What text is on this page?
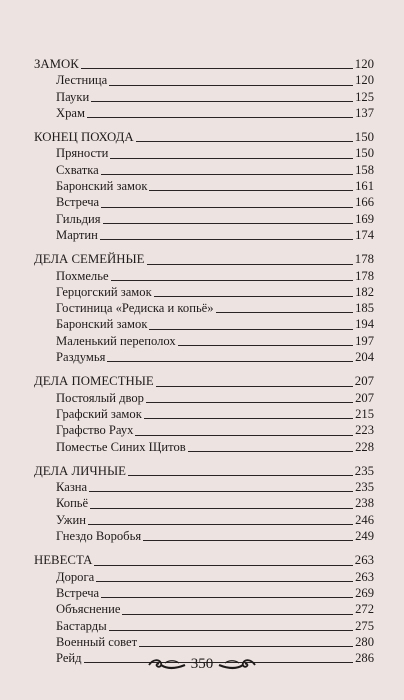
ЗАМОК	120
Лестница	120
Пауки	125
Храм	137
КОНЕЦ ПОХОДА	150
Пряности	150
Схватка	158
Баронский замок	161
Встреча	166
Гильдия	169
Мартин	174
ДЕЛА СЕМЕЙНЫЕ	178
Похмелье	178
Герцогский замок	182
Гостиница «Редиска и копьё»	185
Баронский замок	194
Маленький переполох	197
Раздумья	204
ДЕЛА ПОМЕСТНЫЕ	207
Постоялый двор	207
Графский замок	215
Графство Раух	223
Поместье Синих Щитов	228
ДЕЛА ЛИЧНЫЕ	235
Казна	235
Копьё	238
Ужин	246
Гнездо Воробья	249
НЕВЕСТА	263
Дорога	263
Встреча	269
Объяснение	272
Бастарды	275
Военный совет	280
Рейд	286
350
